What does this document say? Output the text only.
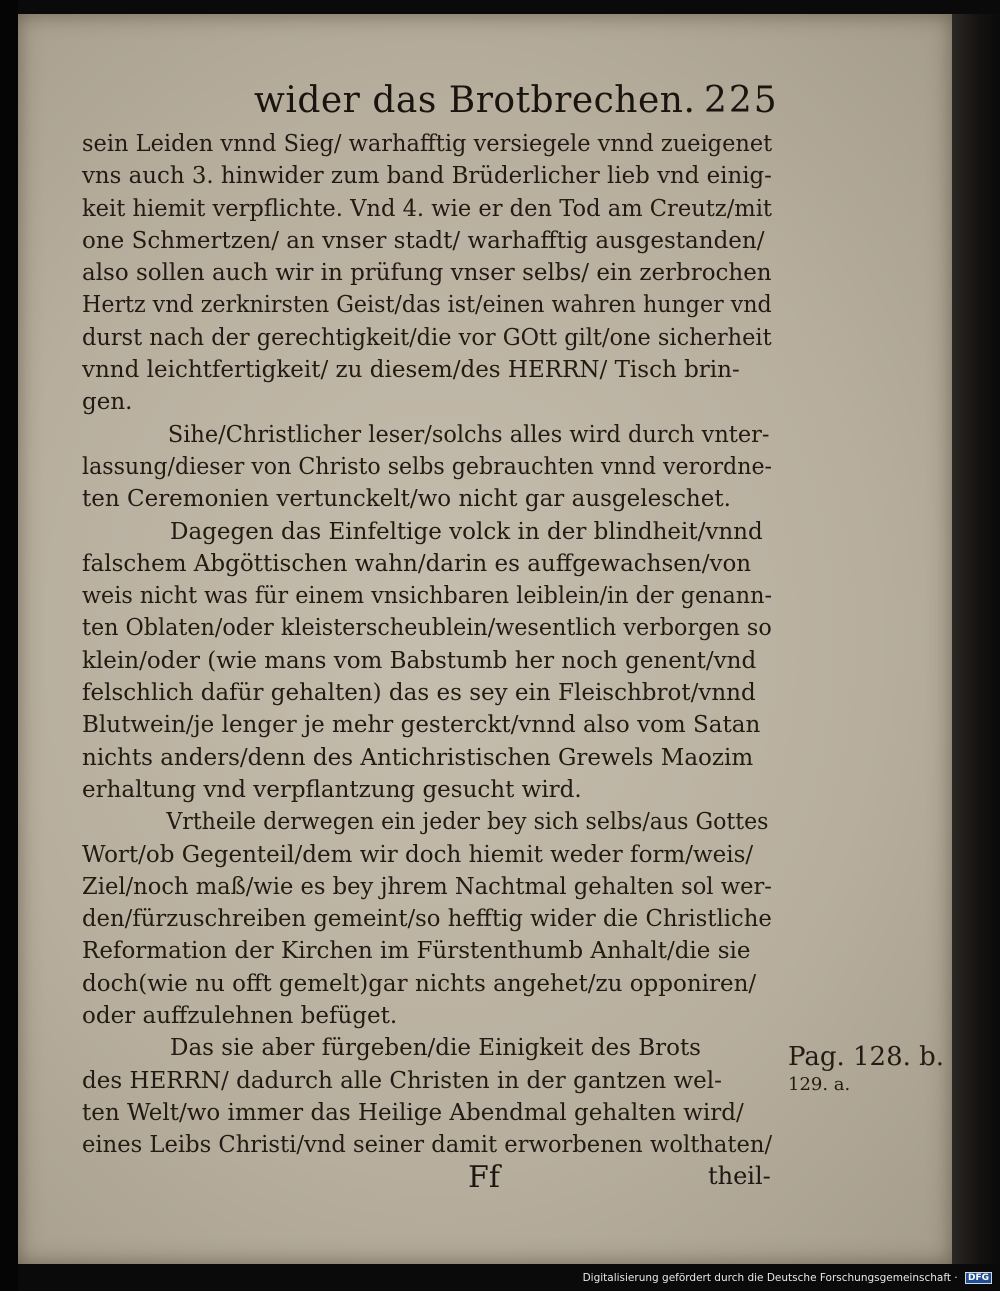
wider das Brotbrechen. 225
sein Leiden vnnd Sieg/ warhafftig versiegele vnnd zueigenet
vns auch 3. hinwider zum band Brüderlicher lieb vnd einig-
keit hiemit verpflichte. Vnd 4. wie er den Tod am Creutz/mit
one Schmertzen/ an vnser stadt/ warhafftig ausgestanden/
also sollen auch wir in prüfung vnser selbs/ ein zerbrochen
Hertz vnd zerknirsten Geist/das ist/einen wahren hunger vnd
durst nach der gerechtigkeit/die vor GOtt gilt/one sicherheit
vnnd leichtfertigkeit/ zu diesem/des HERRN/ Tisch brin-
gen.
Sihe/Christlicher leser/solchs alles wird durch vnter-
lassung/dieser von Christo selbs gebrauchten vnnd verordne-
ten Ceremonien vertunckelt/wo nicht gar ausgeleschet.
Dagegen das Einfeltige volck in der blindheit/vnnd
falschem Abgöttischen wahn/darin es auffgewachsen/von
weis nicht was für einem vnsichbaren leiblein/in der genann-
ten Oblaten/oder kleisterscheublein/wesentlich verborgen so
klein/oder (wie mans vom Babstumb her noch genent/vnd
felschlich dafür gehalten) das es sey ein Fleischbrot/vnnd
Blutwein/je lenger je mehr gesterckt/vnnd also vom Satan
nichts anders/denn des Antichristischen Grewels Maozim
erhaltung vnd verpflantzung gesucht wird.
Vrtheile derwegen ein jeder bey sich selbs/aus Gottes
Wort/ob Gegenteil/dem wir doch hiemit weder form/weis/
Ziel/noch maß/wie es bey jhrem Nachtmal gehalten sol wer-
den/fürzuschreiben gemeint/so hefftig wider die Christliche
Reformation der Kirchen im Fürstenthumb Anhalt/die sie
doch(wie nu offt gemelt)gar nichts angehet/zu opponiren/
oder auffzulehnen befüget.
Das sie aber fürgeben/die Einigkeit des Brots
des HERRN/ dadurch alle Christen in der gantzen wel-
ten Welt/wo immer das Heilige Abendmal gehalten wird/
eines Leibs Christi/vnd seiner damit erworbenen wolthaten/
Pag. 128. b.
129. a.
Ff	theil-
Digitalisierung gefördert durch die Deutsche Forschungsgemeinschaft · DFG
